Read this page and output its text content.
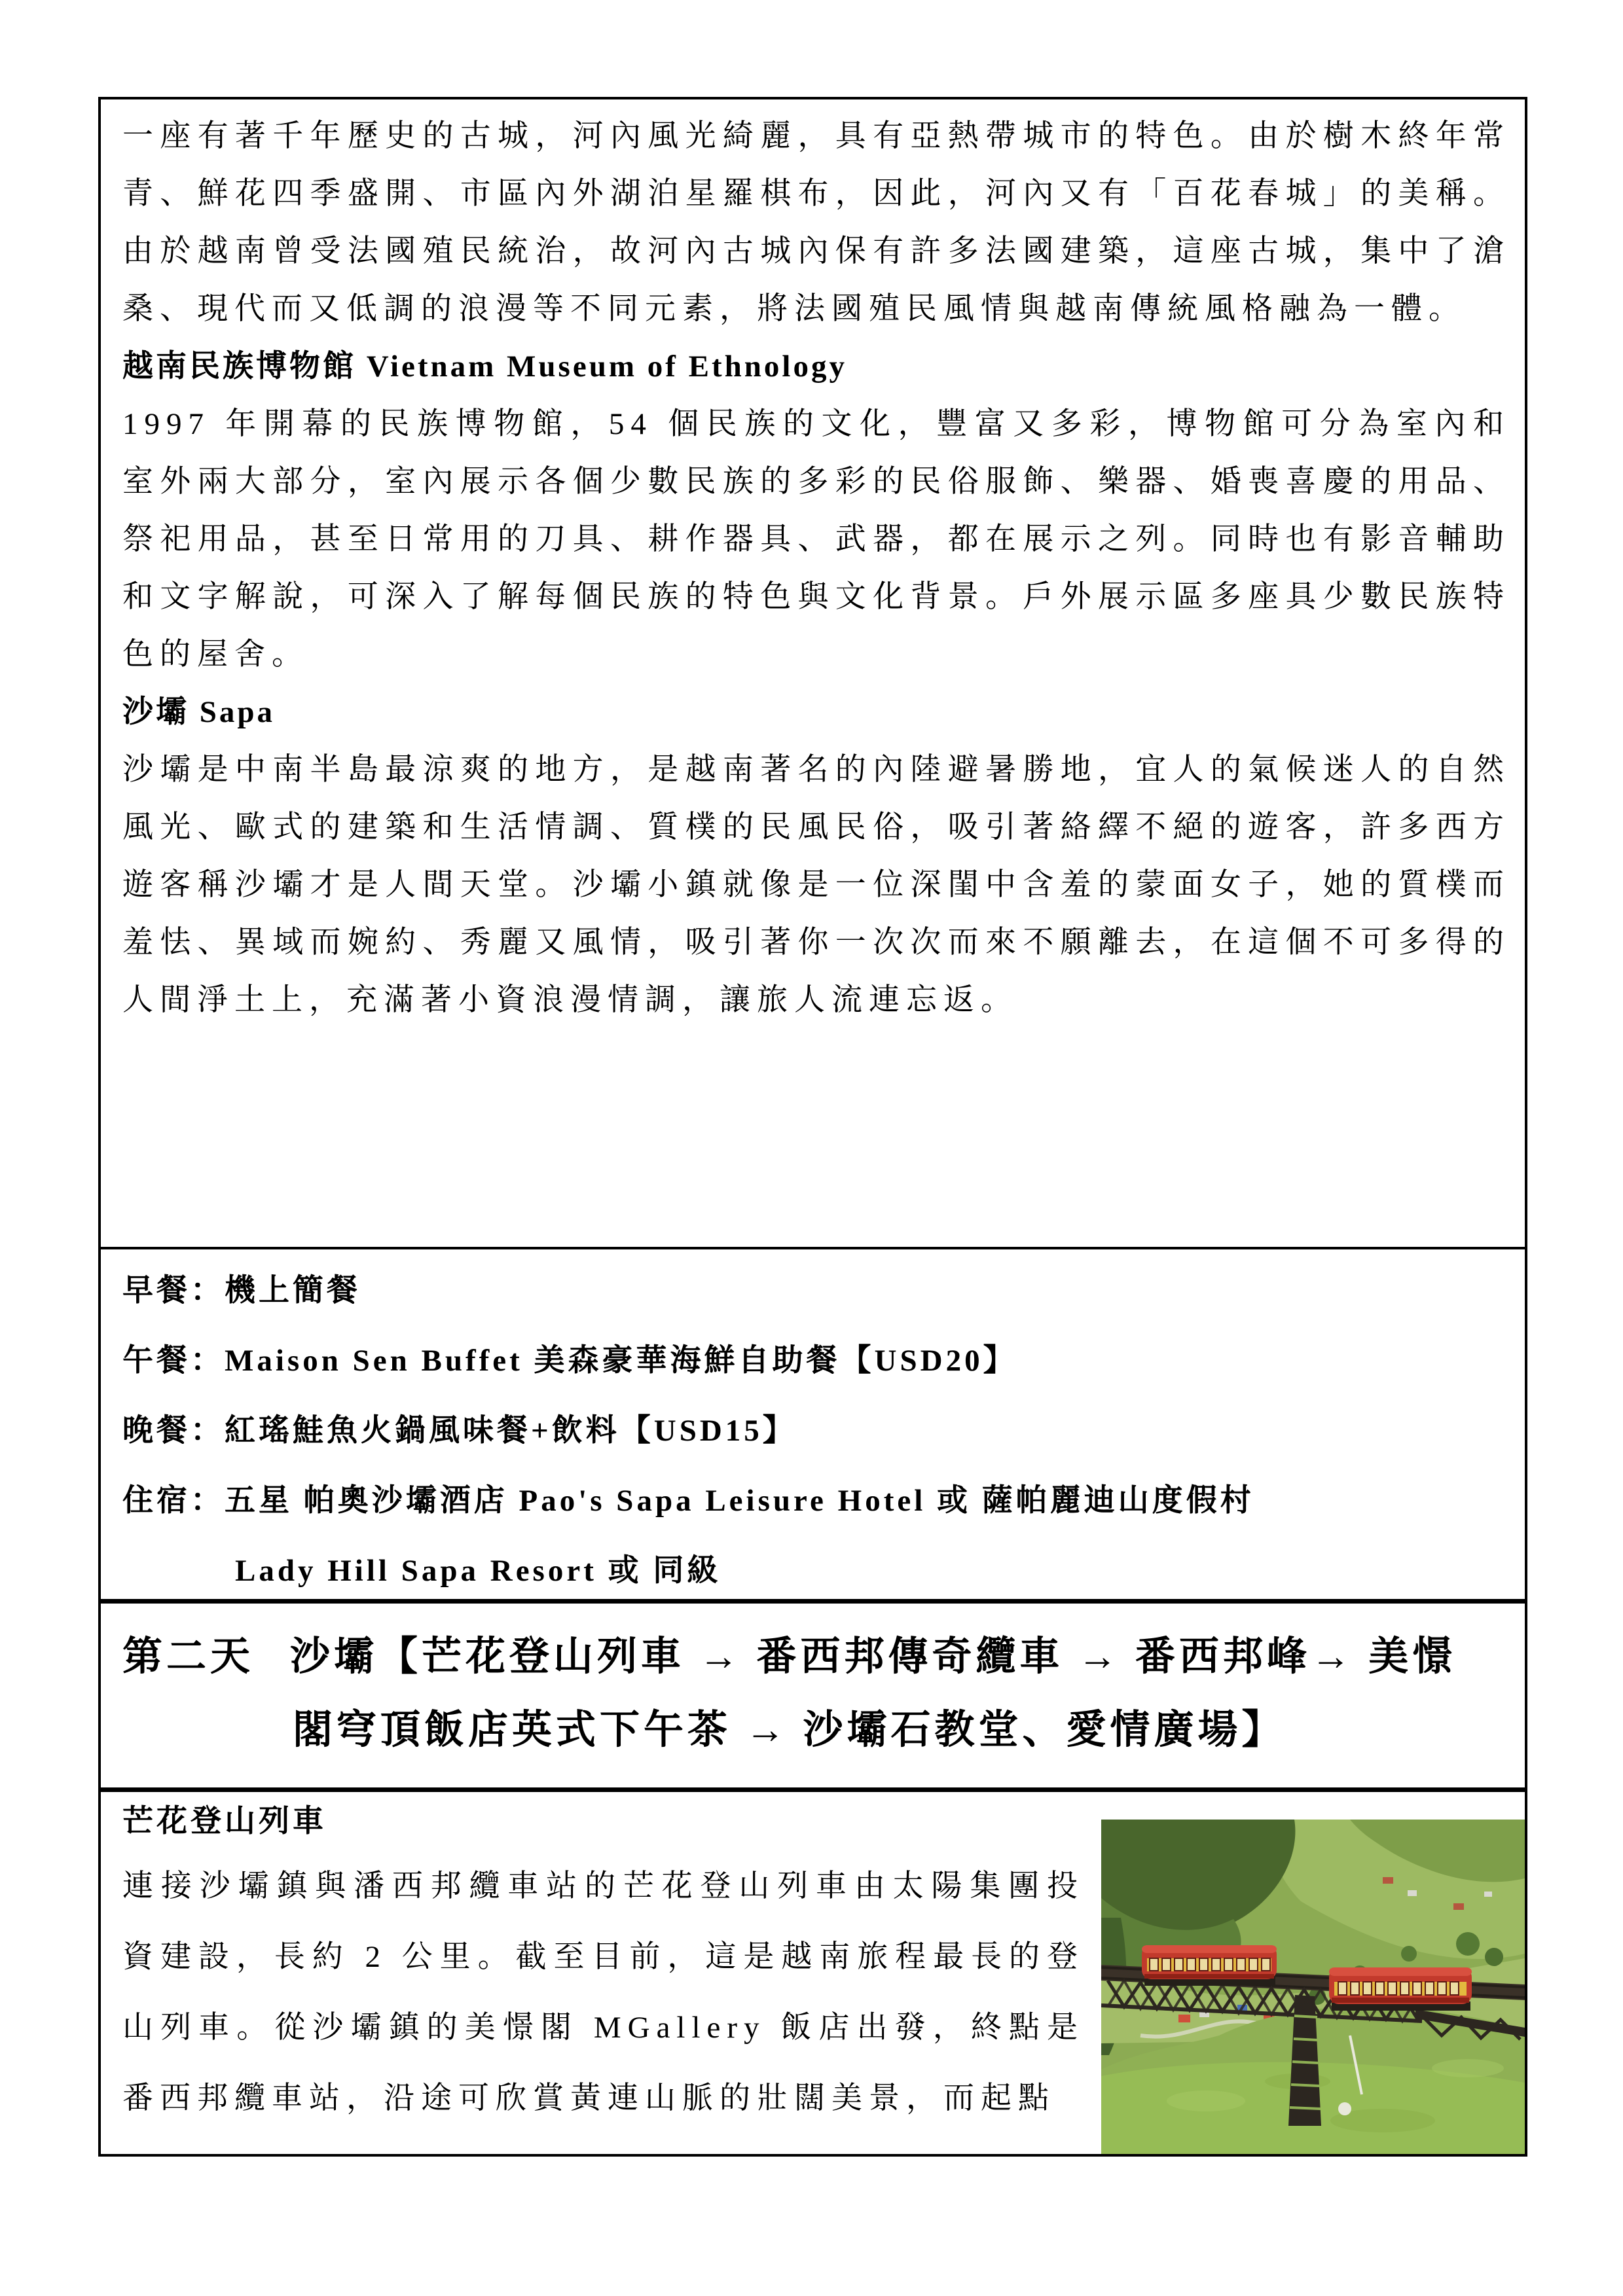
一座有著千年歷史的古城，河內風光綺麗，具有亞熱帶城市的特色。由於樹木終年常青、鮮花四季盛開、市區內外湖泊星羅棋布，因此，河內又有「百花春城」的美稱。由於越南曾受法國殖民統治，故河內古城內保有許多法國建築，這座古城，集中了滄桑、現代而又低調的浪漫等不同元素，將法國殖民風情與越南傳統風格融為一體。

越南民族博物館 Vietnam Museum of Ethnology

1997 年開幕的民族博物館，54 個民族的文化，豐富又多彩，博物館可分為室內和室外兩大部分，室內展示各個少數民族的多彩的民俗服飾、樂器、婚喪喜慶的用品、祭祀用品，甚至日常用的刀具、耕作器具、武器，都在展示之列。同時也有影音輔助和文字解說，可深入了解每個民族的特色與文化背景。戶外展示區多座具少數民族特色的屋舍。

沙壩 Sapa

沙壩是中南半島最涼爽的地方，是越南著名的內陸避暑勝地，宜人的氣候迷人的自然風光、歐式的建築和生活情調、質樸的民風民俗，吸引著絡繹不絕的遊客，許多西方遊客稱沙壩才是人間天堂。沙壩小鎮就像是一位深閨中含羞的蒙面女子，她的質樸而羞怯、異域而婉約、秀麗又風情，吸引著你一次次而來不願離去，在這個不可多得的人間淨土上，充滿著小資浪漫情調，讓旅人流連忘返。

早餐：機上簡餐
午餐：Maison Sen Buffet 美森豪華海鮮自助餐【USD20】
晚餐：紅瑤鮭魚火鍋風味餐+飲料【USD15】
住宿：五星 帕奧沙壩酒店 Pao's Sapa Leisure Hotel 或 薩帕麗迪山度假村
Lady Hill Sapa Resort 或 同級
第二天 沙壩【芒花登山列車 → 番西邦傳奇纜車 → 番西邦峰→ 美憬
閣穹頂飯店英式下午茶 → 沙壩石教堂、愛情廣場】
芒花登山列車

連接沙壩鎮與潘西邦纜車站的芒花登山列車由太陽集團投資建設，長約 2 公里。截至目前，這是越南旅程最長的登山列車。從沙壩鎮的美憬閣 MGallery 飯店出發，終點是番西邦纜車站，沿途可欣賞黃連山脈的壯闊美景，而起點
